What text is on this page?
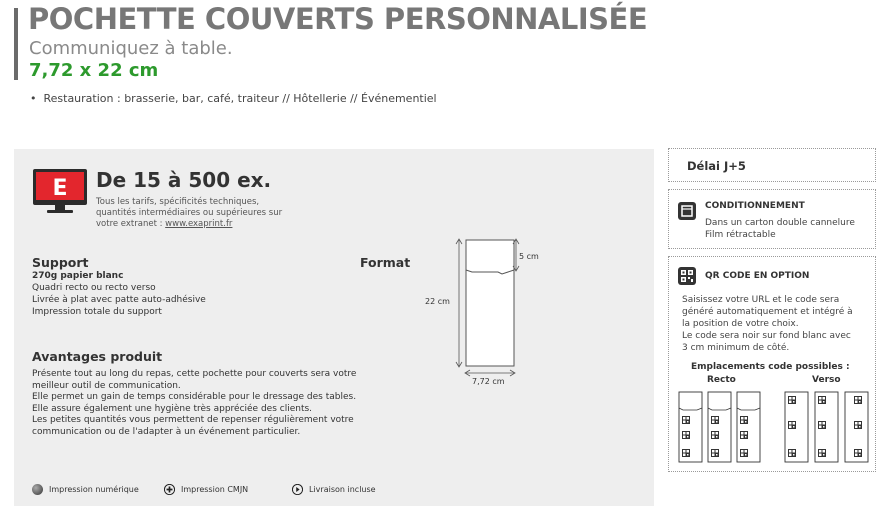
POCHETTE COUVERTS PERSONNALISÉE
Communiquez à table.
7,72 x 22 cm
•  Restauration : brasserie, bar, café, traiteur // Hôtellerie // Événementiel
E De 15 à 500 ex.
Tous les tarifs, spécificités techniques,
quantités intermédiaires ou supérieures sur
votre extranet : www.exaprint.fr
Support
270g papier blanc
Quadri recto ou recto verso
Livrée à plat avec patte auto-adhésive
Impression totale du support
Format
22 cm
5 cm
7,72 cm
Avantages produit
Présente tout au long du repas, cette pochette pour couverts sera votre
meilleur outil de communication.
Elle permet un gain de temps considérable pour le dressage des tables.
Elle assure également une hygiène très appréciée des clients.
Les petites quantités vous permettent de repenser régulièrement votre
communication ou de l'adapter à un événement particulier.
Impression numérique	Impression CMJN	Livraison incluse
Délai J+5
CONDITIONNEMENT
Dans un carton double cannelure
Film rétractable
QR CODE EN OPTION
Saisissez votre URL et le code sera
généré automatiquement et intégré à
la position de votre choix.
Le code sera noir sur fond blanc avec
3 cm minimum de côté.
Emplacements code possibles :
Recto	Verso
